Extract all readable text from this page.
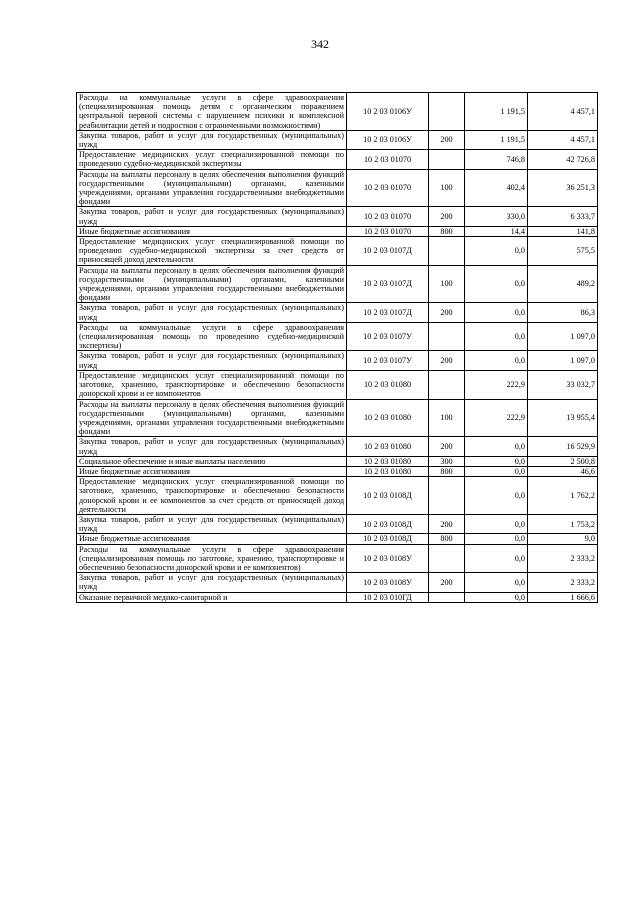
342
Расходы на коммунальные услуги в сфере здравоохранения (специализированная помощь детям с органическим поражением центральной нервной системы с нарушением психики и комплексной реабилитации детей и подростков с ограниченными возможностями)	10 2 03 0106У		1 191,5	4 457,1
Закупка товаров, работ и услуг для государственных (муниципальных) нужд	10 2 03 0106У	200	1 191,5	4 457,1
Предоставление медицинских услуг специализированной помощи по проведению судебно-медицинской экспертизы	10 2 03 01070		746,8	42 726,8
Расходы на выплаты персоналу в целях обеспечения выполнения функций государственными (муниципальными) органами, казенными учреждениями, органами управления государственными внебюджетными фондами	10 2 03 01070	100	402,4	36 251,3
Закупка товаров, работ и услуг для государственных (муниципальных) нужд	10 2 03 01070	200	330,0	6 333,7
Иные бюджетные ассигнования	10 2 03 01070	800	14,4	141,8
Предоставление медицинских услуг специализированной помощи по проведению судебно-медицинской экспертизы за счет средств от приносящей доход деятельности	10 2 03 0107Д		0,0	575,5
Расходы на выплаты персоналу в целях обеспечения выполнения функций государственными (муниципальными) органами, казенными учреждениями, органами управления государственными внебюджетными фондами	10 2 03 0107Д	100	0,0	489,2
Закупка товаров, работ и услуг для государственных (муниципальных) нужд	10 2 03 0107Д	200	0,0	86,3
Расходы на коммунальные услуги в сфере здравоохранения (специализированная помощь по проведению судебно-медицинской экспертизы)	10 2 03 0107У		0,0	1 097,0
Закупка товаров, работ и услуг для государственных (муниципальных) нужд	10 2 03 0107У	200	0,0	1 097,0
Предоставление медицинских услуг специализированной помощи по заготовке, хранению, транспортировке и обеспечению безопасности донорской крови и ее компонентов	10 2 03 01080		222,9	33 032,7
Расходы на выплаты персоналу в целях обеспечения выполнения функций государственными (муниципальными) органами, казенными учреждениями, органами управления государственными внебюджетными фондами	10 2 03 01080	100	222,9	13 955,4
Закупка товаров, работ и услуг для государственных (муниципальных) нужд	10 2 03 01080	200	0,0	16 529,9
Социальное обеспечение и иные выплаты населению	10 2 03 01080	300	0,0	2 500,8
Иные бюджетные ассигнования	10 2 03 01080	800	0,0	46,6
Предоставление медицинских услуг специализированной помощи по заготовке, хранению, транспортировке и обеспечению безопасности донорской крови и ее компонентов за счет средств от приносящей доход деятельности	10 2 03 0108Д		0,0	1 762,2
Закупка товаров, работ и услуг для государственных (муниципальных) нужд	10 2 03 0108Д	200	0,0	1 753,2
Иные бюджетные ассигнования	10 2 03 0108Д	800	0,0	9,0
Расходы на коммунальные услуги в сфере здравоохранения (специализированная помощь по заготовке, хранению, транспортировке и обеспечению безопасности донорской крови и ее компонентов)	10 2 03 0108У		0,0	2 333,2
Закупка товаров, работ и услуг для государственных (муниципальных) нужд	10 2 03 0108У	200	0,0	2 333,2
Оказание первичной медико-санитарной и	10 2 03 010ГД		0,0	1 666,6
